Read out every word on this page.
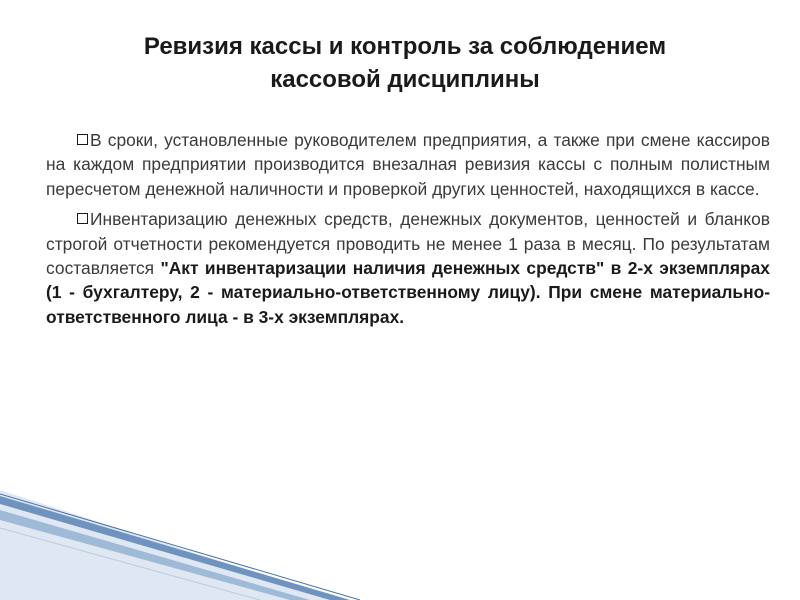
Ревизия кассы и контроль за соблюдением
кассовой дисциплины

В сроки, установленные руководителем предприятия, а также при смене кассиров на каждом предприятии производится внезалная ревизия кассы с полным полистным пересчетом денежной наличности и проверкой других ценностей, находящихся в кассе.

Инвентаризацию денежных средств, денежных документов, ценностей и бланков строгой отчетности рекомендуется проводить не менее 1 раза в месяц. По результатам составляется "Акт инвентаризации наличия денежных средств" в 2-х экземплярах (1 - бухгалтеру, 2 - материально-ответственному лицу). При смене материально-ответственного лица - в 3-х экземплярах.
